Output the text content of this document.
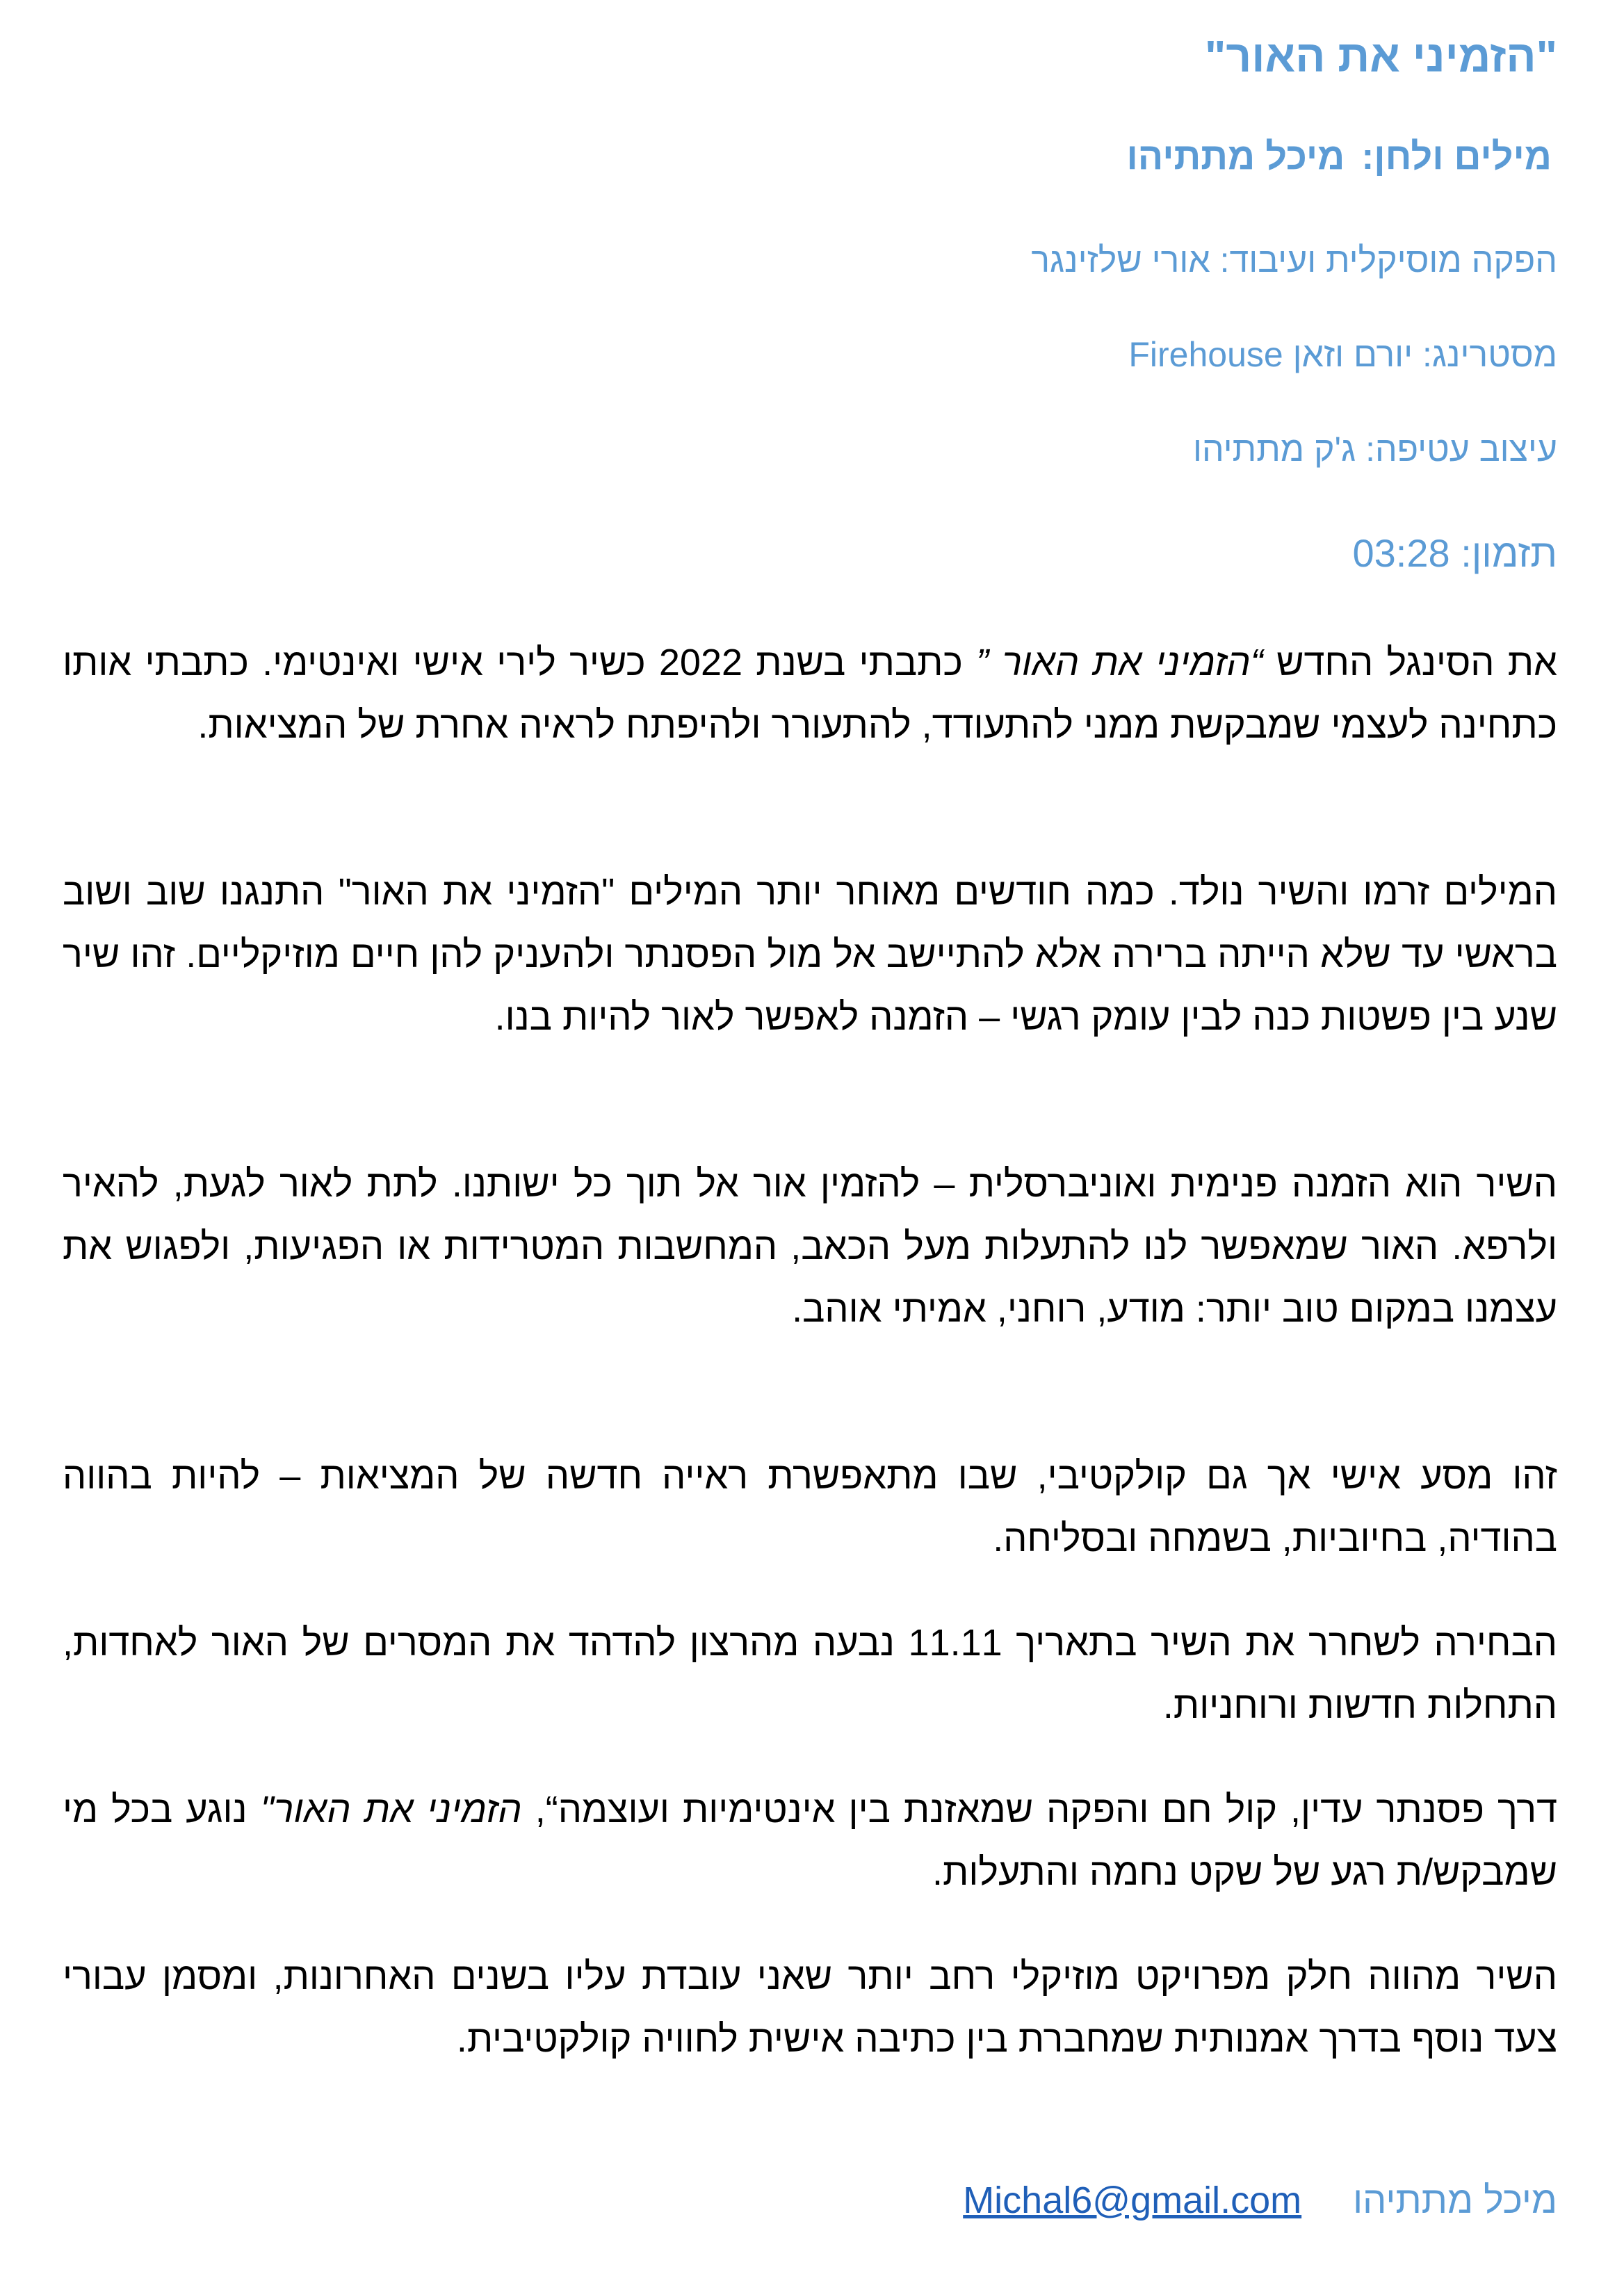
"הזמיני את האור"

מילים ולחן:מיכל מתתיהו

הפקה מוסיקלית ועיבוד: אורי שלזינגר

מסטרינג: יורם וזאן Firehouse

עיצוב עטיפה: ג'ק מתתיהו

תזמון: 03:28

את הסינגל החדש “הזמיני את האור ” כתבתי בשנת 2022 כשיר לירי אישי ואינטימי. כתבתי אותו כתחינה לעצמי שמבקשת ממני להתעודד, להתעורר ולהיפתח לראיה אחרת של המציאות.

המילים זרמו והשיר נולד. כמה חודשים מאוחר יותר המילים "הזמיני את האור" התנגנו שוב ושוב בראשי עד שלא הייתה ברירה אלא להתיישב אל מול הפסנתר ולהעניק להן חיים מוזיקליים. זהו שיר שנע בין פשטות כנה לבין עומק רגשי – הזמנה לאפשר לאור להיות בנו.

השיר הוא הזמנה פנימית ואוניברסלית – להזמין אור אל תוך כל ישותנו. לתת לאור לגעת, להאיר ולרפא. האור שמאפשר לנו להתעלות מעל הכאב, המחשבות המטרידות או הפגיעות, ולפגוש את עצמנו במקום טוב יותר: מודע, רוחני, אמיתי אוהב.

זהו מסע אישי אך גם קולקטיבי, שבו מתאפשרת ראייה חדשה של המציאות – להיות בהווה בהודיה, בחיוביות, בשמחה ובסליחה.

הבחירה לשחרר את השיר בתאריך 11.11 נבעה מהרצון להדהד את המסרים של האור לאחדות, התחלות חדשות ורוחניות.

דרך פסנתר עדין, קול חם והפקה שמאזנת בין אינטימיות ועוצמה“, הזמיני את האור" נוגע בכל מי שמבקש/ת רגע של שקט נחמה והתעלות.

השיר מהווה חלק מפרויקט מוזיקלי רחב יותר שאני עובדת עליו בשנים האחרונות, ומסמן עבורי צעד נוסף בדרך אמנותית שמחברת בין כתיבה אישית לחוויה קולקטיבית.

מיכל מתתיהוMichal6@gmail.com
